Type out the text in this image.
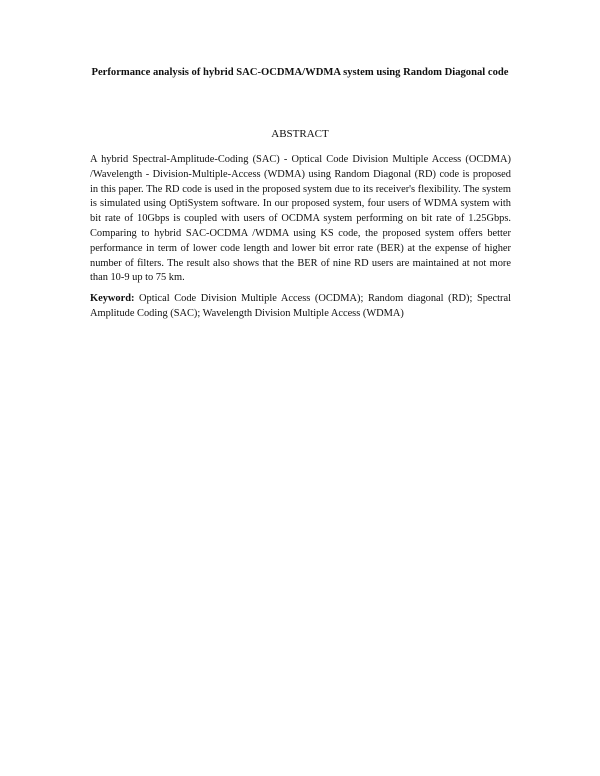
Performance analysis of hybrid SAC-OCDMA/WDMA system using Random Diagonal code
ABSTRACT
A hybrid Spectral-Amplitude-Coding (SAC) - Optical Code Division Multiple Access (OCDMA) /Wavelength - Division-Multiple-Access (WDMA) using Random Diagonal (RD) code is proposed in this paper. The RD code is used in the proposed system due to its receiver's flexibility. The system is simulated using OptiSystem software. In our proposed system, four users of WDMA system with bit rate of 10Gbps is coupled with users of OCDMA system performing on bit rate of 1.25Gbps. Comparing to hybrid SAC-OCDMA /WDMA using KS code, the proposed system offers better performance in term of lower code length and lower bit error rate (BER) at the expense of higher number of filters. The result also shows that the BER of nine RD users are maintained at not more than 10-9 up to 75 km.
Keyword: Optical Code Division Multiple Access (OCDMA); Random diagonal (RD); Spectral Amplitude Coding (SAC); Wavelength Division Multiple Access (WDMA)
